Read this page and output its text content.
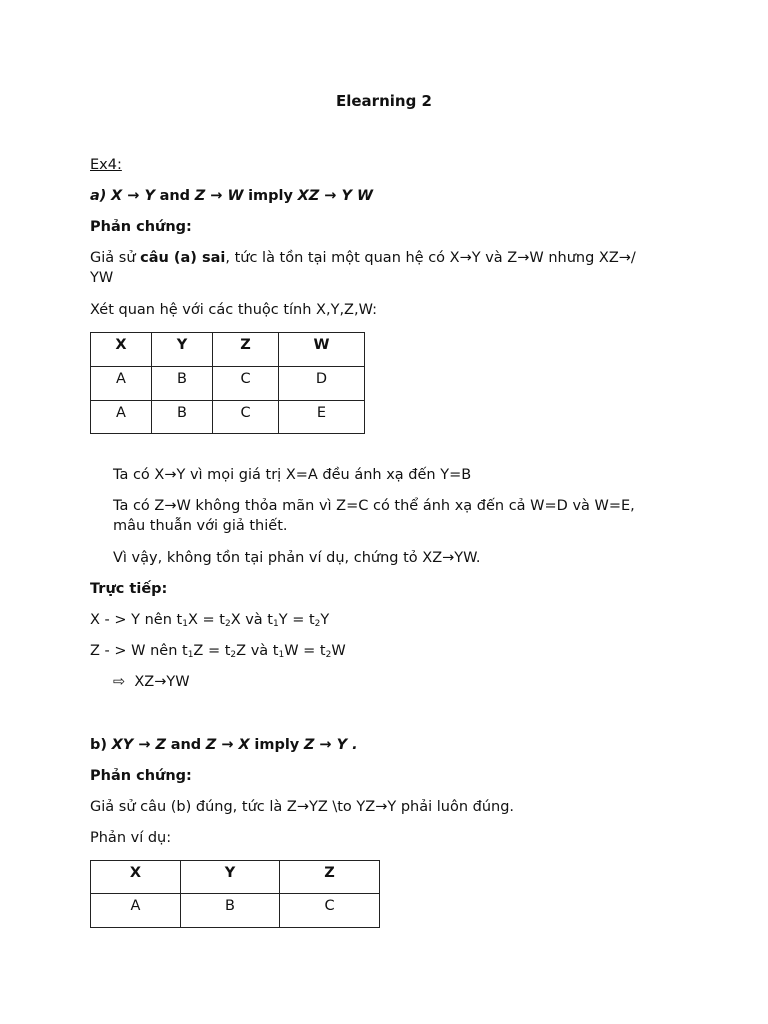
Elearning 2
Ex4:
a) X → Y and Z → W imply XZ → Y W
Phản chứng:
Giả sử câu (a) sai, tức là tồn tại một quan hệ có X→Y và Z→W nhưng XZ→/
YW
Xét quan hệ với các thuộc tính X,Y,Z,W:
X	Y	Z	W
A	B	C	D
A	B	C	E
Ta có X→Y vì mọi giá trị X=A đều ánh xạ đến Y=B
Ta có Z→W không thỏa mãn vì Z=C có thể ánh xạ đến cả W=D và W=E,
mâu thuẫn với giả thiết.
Vì vậy, không tồn tại phản ví dụ, chứng tỏ XZ→YW.
Trực tiếp:
X - > Y nên $t_1X = t_2X$ và $t_1Y = t_2Y$
Z - > W nên $t_1Z = t_2Z$ và $t_1W = t_2W$
⇨ XZ→YW
b) XY → Z and Z → X imply Z → Y .
Phản chứng:
Giả sử câu (b) đúng, tức là Z→YZ \to YZ→Y phải luôn đúng.
Phản ví dụ:
X	Y	Z
A	B	C
